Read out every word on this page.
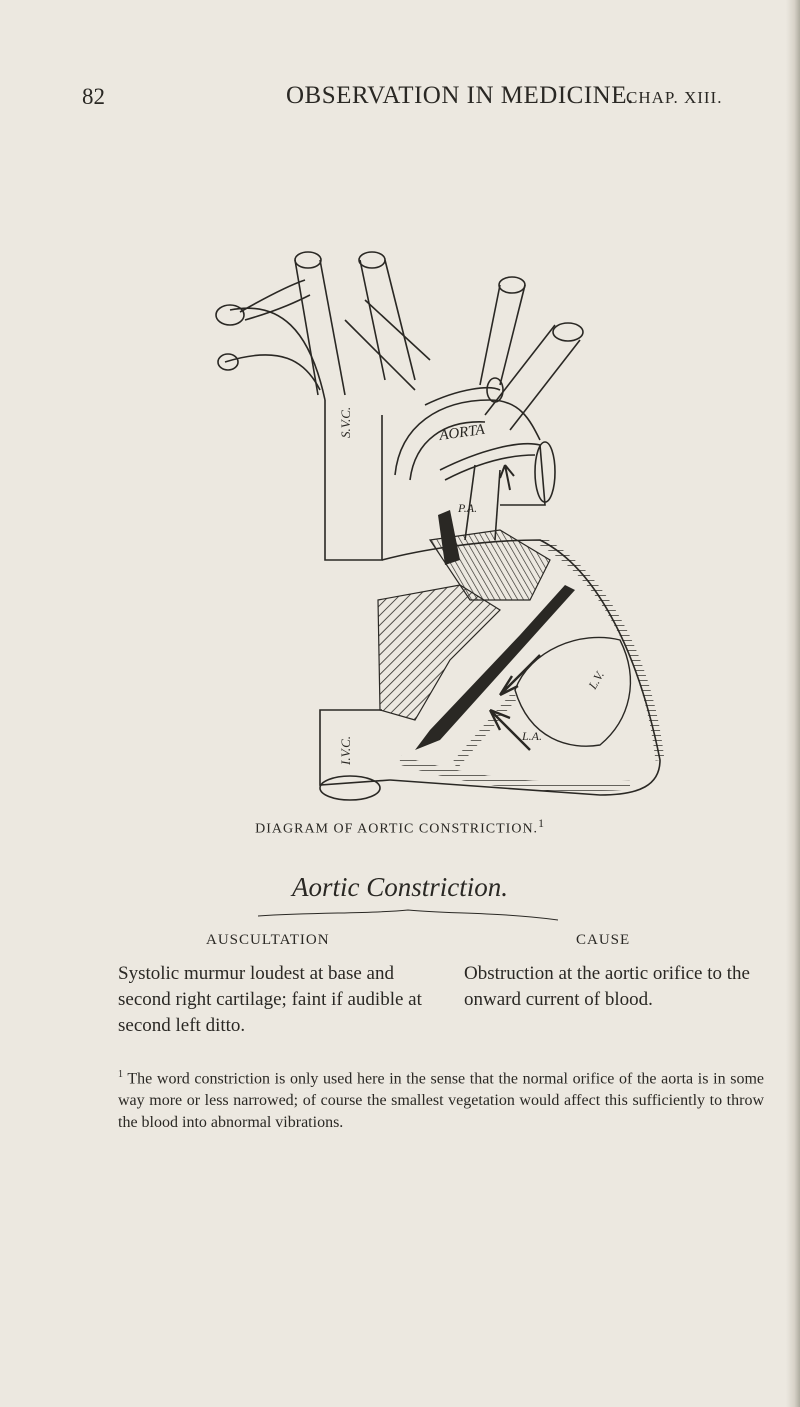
82	OBSERVATION IN MEDICINE.
CHAP. XIII.
AORTA
S.V.C.
I.V.C.
P.A.
L.V.
L.A.
DIAGRAM OF AORTIC CONSTRICTION.$^1$
Aortic Constriction.
AUSCULTATION	CAUSE
Systolic murmur loudest at base and second right cartilage; faint if audible at second left ditto.
Obstruction at the aortic orifice to the onward current of blood.
$^1$ The word constriction is only used here in the sense that the normal orifice of the aorta is in some way more or less narrowed; of course the smallest vegetation would affect this sufficiently to throw the blood into abnormal vibrations.
